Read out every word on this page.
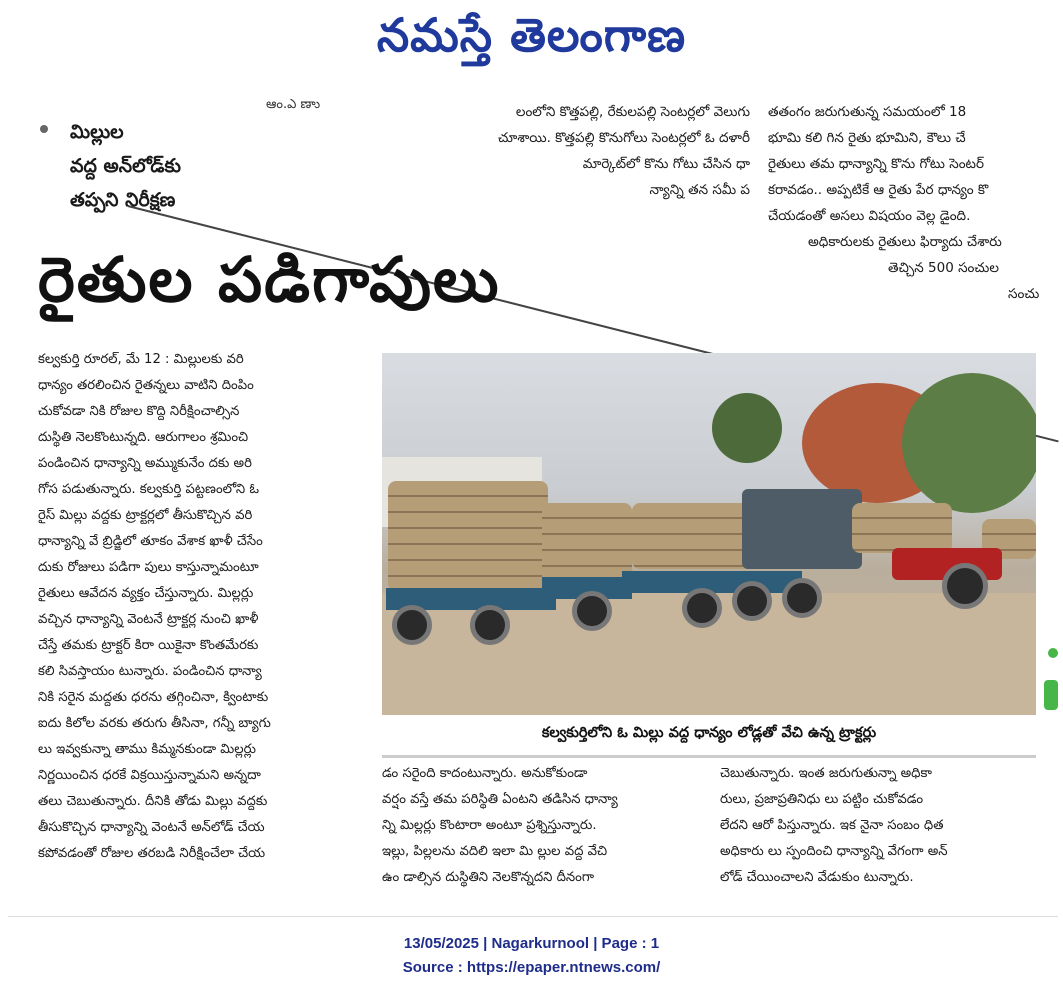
నమస్తే తెలంగాణ
మిల్లుల
వద్ద అన్‌లోడ్‌కు
తప్పని నిరీక్షణ
ఆం.ఎ ణాు	లంలోని కొత్తపల్లి, రేకులపల్లి సెంటర్లలో వెలుగు
చూశాయి. కొత్తపల్లి కొనుగోలు సెంటర్లలో ఓ దళారీ
మార్కెట్‌లో కొను గోటు చేసిన ధా
న్యాన్ని తన సమీ ప
తతంగం జరుగుతున్న సమయంలో 18
భూమి కలి గిన రైతు భూమిని, కౌలు చే
రైతులు తమ ధాన్యాన్ని కొను గోటు సెంటర్
కరావడం.. అప్పటికే ఆ రైతు పేర ధాన్యం కొ
చేయడంతో అసలు విషయం వెల్ల డైంది.
అధికారులకు రైతులు ఫిర్యాదు చేశారు
తెచ్చిన 500 సంచుల
సంచు
రైతుల పడిగాపులు
కల్వకుర్తి రూరల్, మే 12 : మిల్లులకు వరి
ధాన్యం తరలించిన రైతన్నలు వాటిని దింపిం
చుకోవడా నికి రోజుల కొద్ది నిరీక్షించాల్సిన
దుస్థితి నెలకొంటున్నది. ఆరుగాలం శ్రమించి
పండించిన ధాన్యాన్ని అమ్ముకునేం దకు అరి
గోస పడుతున్నారు. కల్వకుర్తి పట్టణంలోని ఓ
రైస్ మిల్లు వద్దకు ట్రాక్టర్లలో తీసుకొచ్చిన వరి
ధాన్యాన్ని వే బ్రిడ్జిలో తూకం వేశాక ఖాళీ చేసేం
దుకు రోజులు పడిగా పులు కాస్తున్నామంటూ
రైతులు ఆవేదన వ్యక్తం చేస్తున్నారు. మిల్లర్లు
వచ్చిన ధాన్యాన్ని వెంటనే ట్రాక్టర్ల నుంచి ఖాళీ
చేస్తే తమకు ట్రాక్టర్ కిరా యికైనా కొంతమేరకు
కలి సివస్తాయం టున్నారు. పండించిన ధాన్యా
నికి సరైన మద్దతు ధరను తగ్గించినా, క్వింటాకు
ఐదు కిలోల వరకు తరుగు తీసినా, గన్నీ బ్యాగు
లు ఇవ్వకున్నా తాము కిమ్మనకుండా మిల్లర్లు
నిర్ణయించిన ధరకే విక్రయిస్తున్నామని అన్నదా
తలు చెబుతున్నారు. దీనికి తోడు మిల్లు వద్దకు
తీసుకొచ్చిన ధాన్యాన్ని వెంటనే అన్‌లోడ్ చేయ
కపోవడంతో రోజుల తరబడి నిరీక్షించేలా చేయ
కల్వకుర్తిలోని ఓ మిల్లు వద్ద ధాన్యం లోడ్లతో వేచి ఉన్న ట్రాక్టర్లు
డం సరైంది కాదంటున్నారు. అనుకోకుండా
వర్షం వస్తే తమ పరిస్థితి ఏంటని తడిసిన ధాన్యా
న్ని మిల్లర్లు కొంటారా అంటూ ప్రశ్నిస్తున్నారు.
ఇల్లు, పిల్లలను వదిలి ఇలా మి ల్లుల వద్ద వేచి
ఉం డాల్సిన దుస్థితిని నెలకొన్నదని దీనంగా
చెబుతున్నారు. ఇంత జరుగుతున్నా అధికా
రులు, ప్రజాప్రతినిధు లు పట్టిం చుకోవడం
లేదని ఆరో పిస్తున్నారు. ఇక నైనా సంబం ధిత
అధికారు లు స్పందించి ధాన్యాన్ని వేగంగా అన్
లోడ్ చేయించాలని వేడుకుం టున్నారు.
13/05/2025 | Nagarkurnool | Page : 1
Source : https://epaper.ntnews.com/
